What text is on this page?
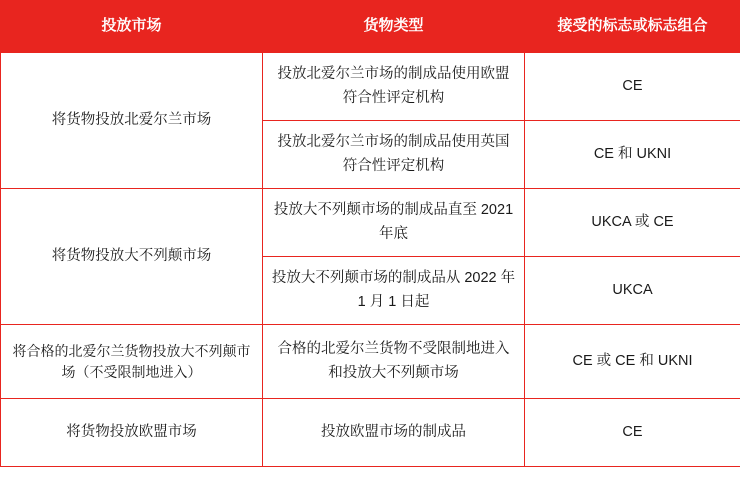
投放市场	货物类型	接受的标志或标志组合
将货物投放北爱尔兰市场	投放北爱尔兰市场的制成品使用欧盟符合性评定机构	CE
	投放北爱尔兰市场的制成品使用英国符合性评定机构	CE 和 UKNI
将货物投放大不列颠市场	投放大不列颠市场的制成品直至 2021 年底	UKCA 或 CE
	投放大不列颠市场的制成品从 2022 年 1 月 1 日起	UKCA
将合格的北爱尔兰货物投放大不列颠市场（不受限制地进入）	合格的北爱尔兰货物不受限制地进入和投放大不列颠市场	CE 或 CE 和 UKNI
将货物投放欧盟市场	投放欧盟市场的制成品	CE
